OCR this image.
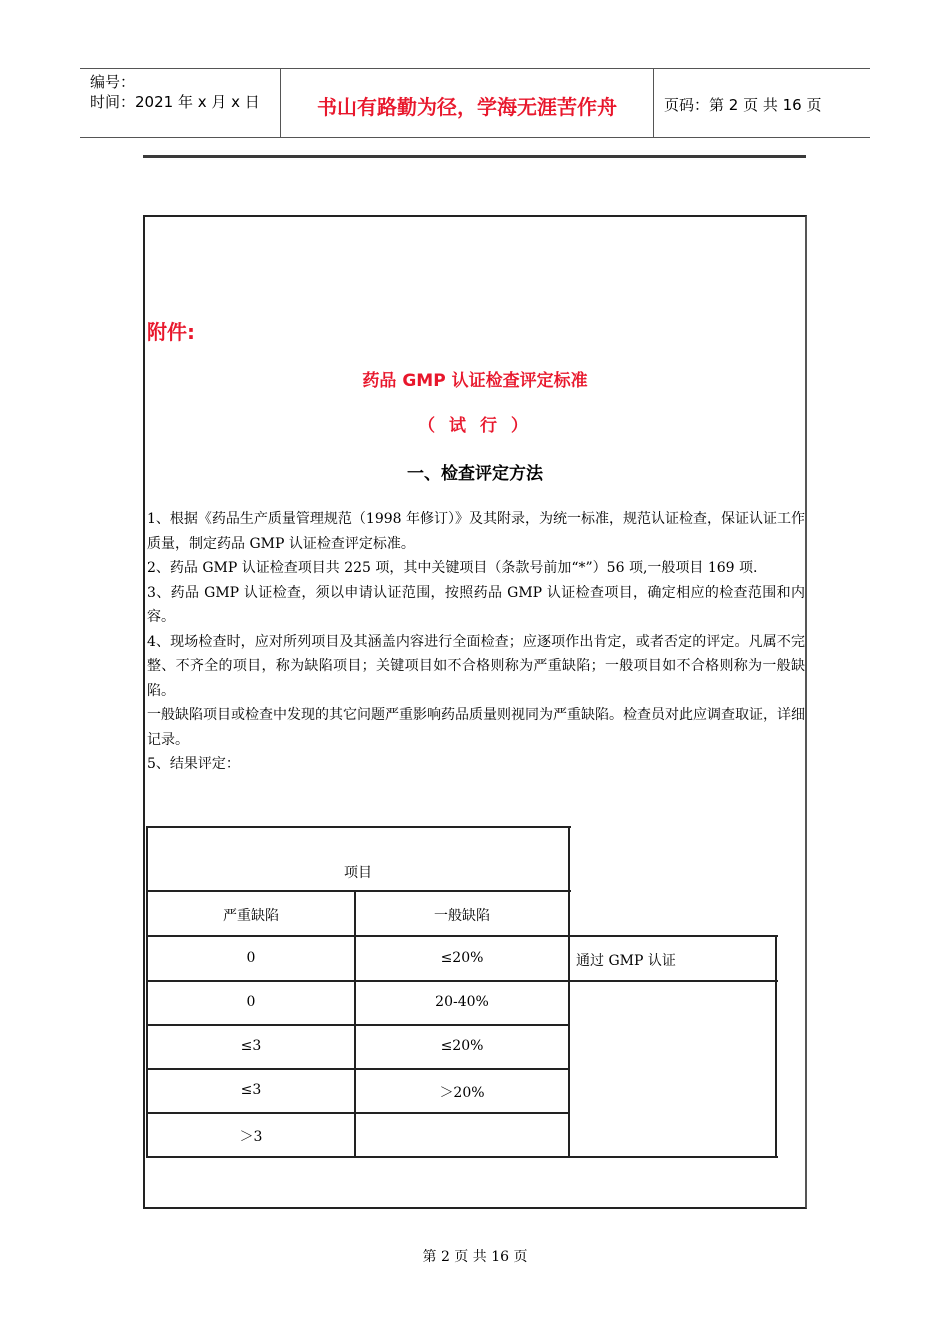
编号：
时间：2021 年 x 月 x 日	书山有路勤为径，学海无涯苦作舟	页码：第 2 页 共 16 页
附件:
药品 GMP 认证检查评定标准
（ 试 行 ）
一、检查评定方法

1、根据《药品生产质量管理规范（1998 年修订）》及其附录，为统一标准，规范认证检查，保证认证工作质量，制定药品 GMP 认证检查评定标准。

2、药品 GMP 认证检查项目共 225 项，其中关键项目（条款号前加“*”）56 项,一般项目 169 项.

3、药品 GMP 认证检查，须以申请认证范围，按照药品 GMP 认证检查项目，确定相应的检查范围和内容。

4、现场检查时，应对所列项目及其涵盖内容进行全面检查；应逐项作出肯定，或者否定的评定。凡属不完整、不齐全的项目，称为缺陷项目；关键项目如不合格则称为严重缺陷；一般项目如不合格则称为一般缺陷。

一般缺陷项目或检查中发现的其它问题严重影响药品质量则视同为严重缺陷。检查员对此应调查取证，详细记录。

5、结果评定：

项目
严重缺陷	一般缺陷
0	≤20%	通过 GMP 认证
0	20-40%
≤3	≤20%
≤3	＞20%
＞3
第 2 页 共 16 页
